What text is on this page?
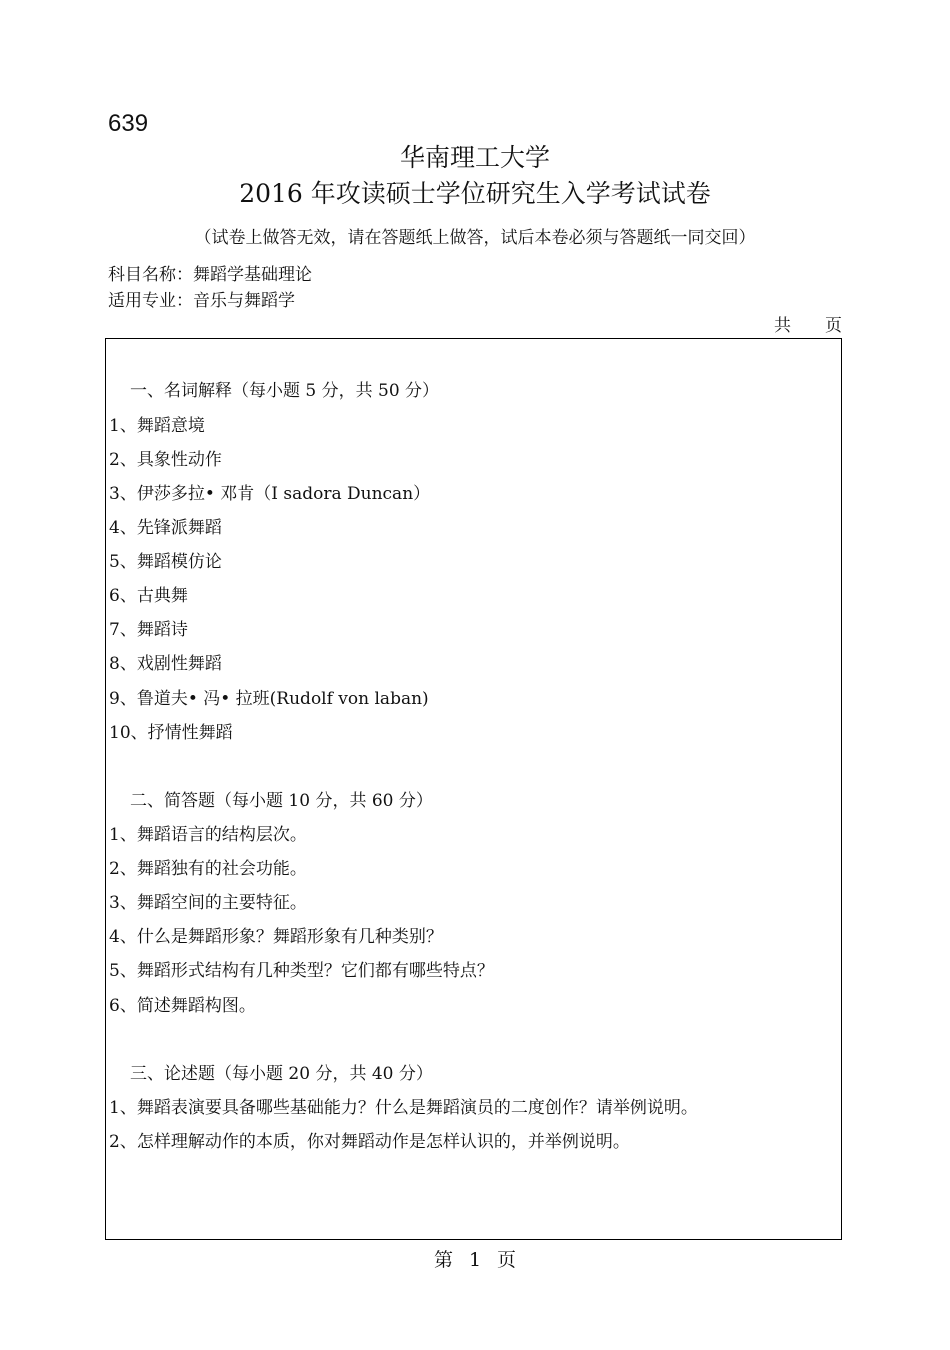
639
华南理工大学
2016 年攻读硕士学位研究生入学考试试卷
（试卷上做答无效，请在答题纸上做答，试后本卷必须与答题纸一同交回）
科目名称：舞蹈学基础理论
适用专业：音乐与舞蹈学
共　　页
一、名词解释（每小题 5 分，共 50 分）
1、舞蹈意境
2、具象性动作
3、伊莎多拉• 邓肯（I sadora Duncan）
4、先锋派舞蹈
5、舞蹈模仿论
6、古典舞
7、舞蹈诗
8、戏剧性舞蹈
9、鲁道夫• 冯• 拉班(Rudolf von laban)
10、抒情性舞蹈
二、简答题（每小题 10 分，共 60 分）
1、舞蹈语言的结构层次。
2、舞蹈独有的社会功能。
3、舞蹈空间的主要特征。
4、什么是舞蹈形象？舞蹈形象有几种类别？
5、舞蹈形式结构有几种类型？它们都有哪些特点？
6、简述舞蹈构图。
三、论述题（每小题 20 分，共 40 分）
1、舞蹈表演要具备哪些基础能力？什么是舞蹈演员的二度创作？请举例说明。
2、怎样理解动作的本质，你对舞蹈动作是怎样认识的，并举例说明。
第 1 页
